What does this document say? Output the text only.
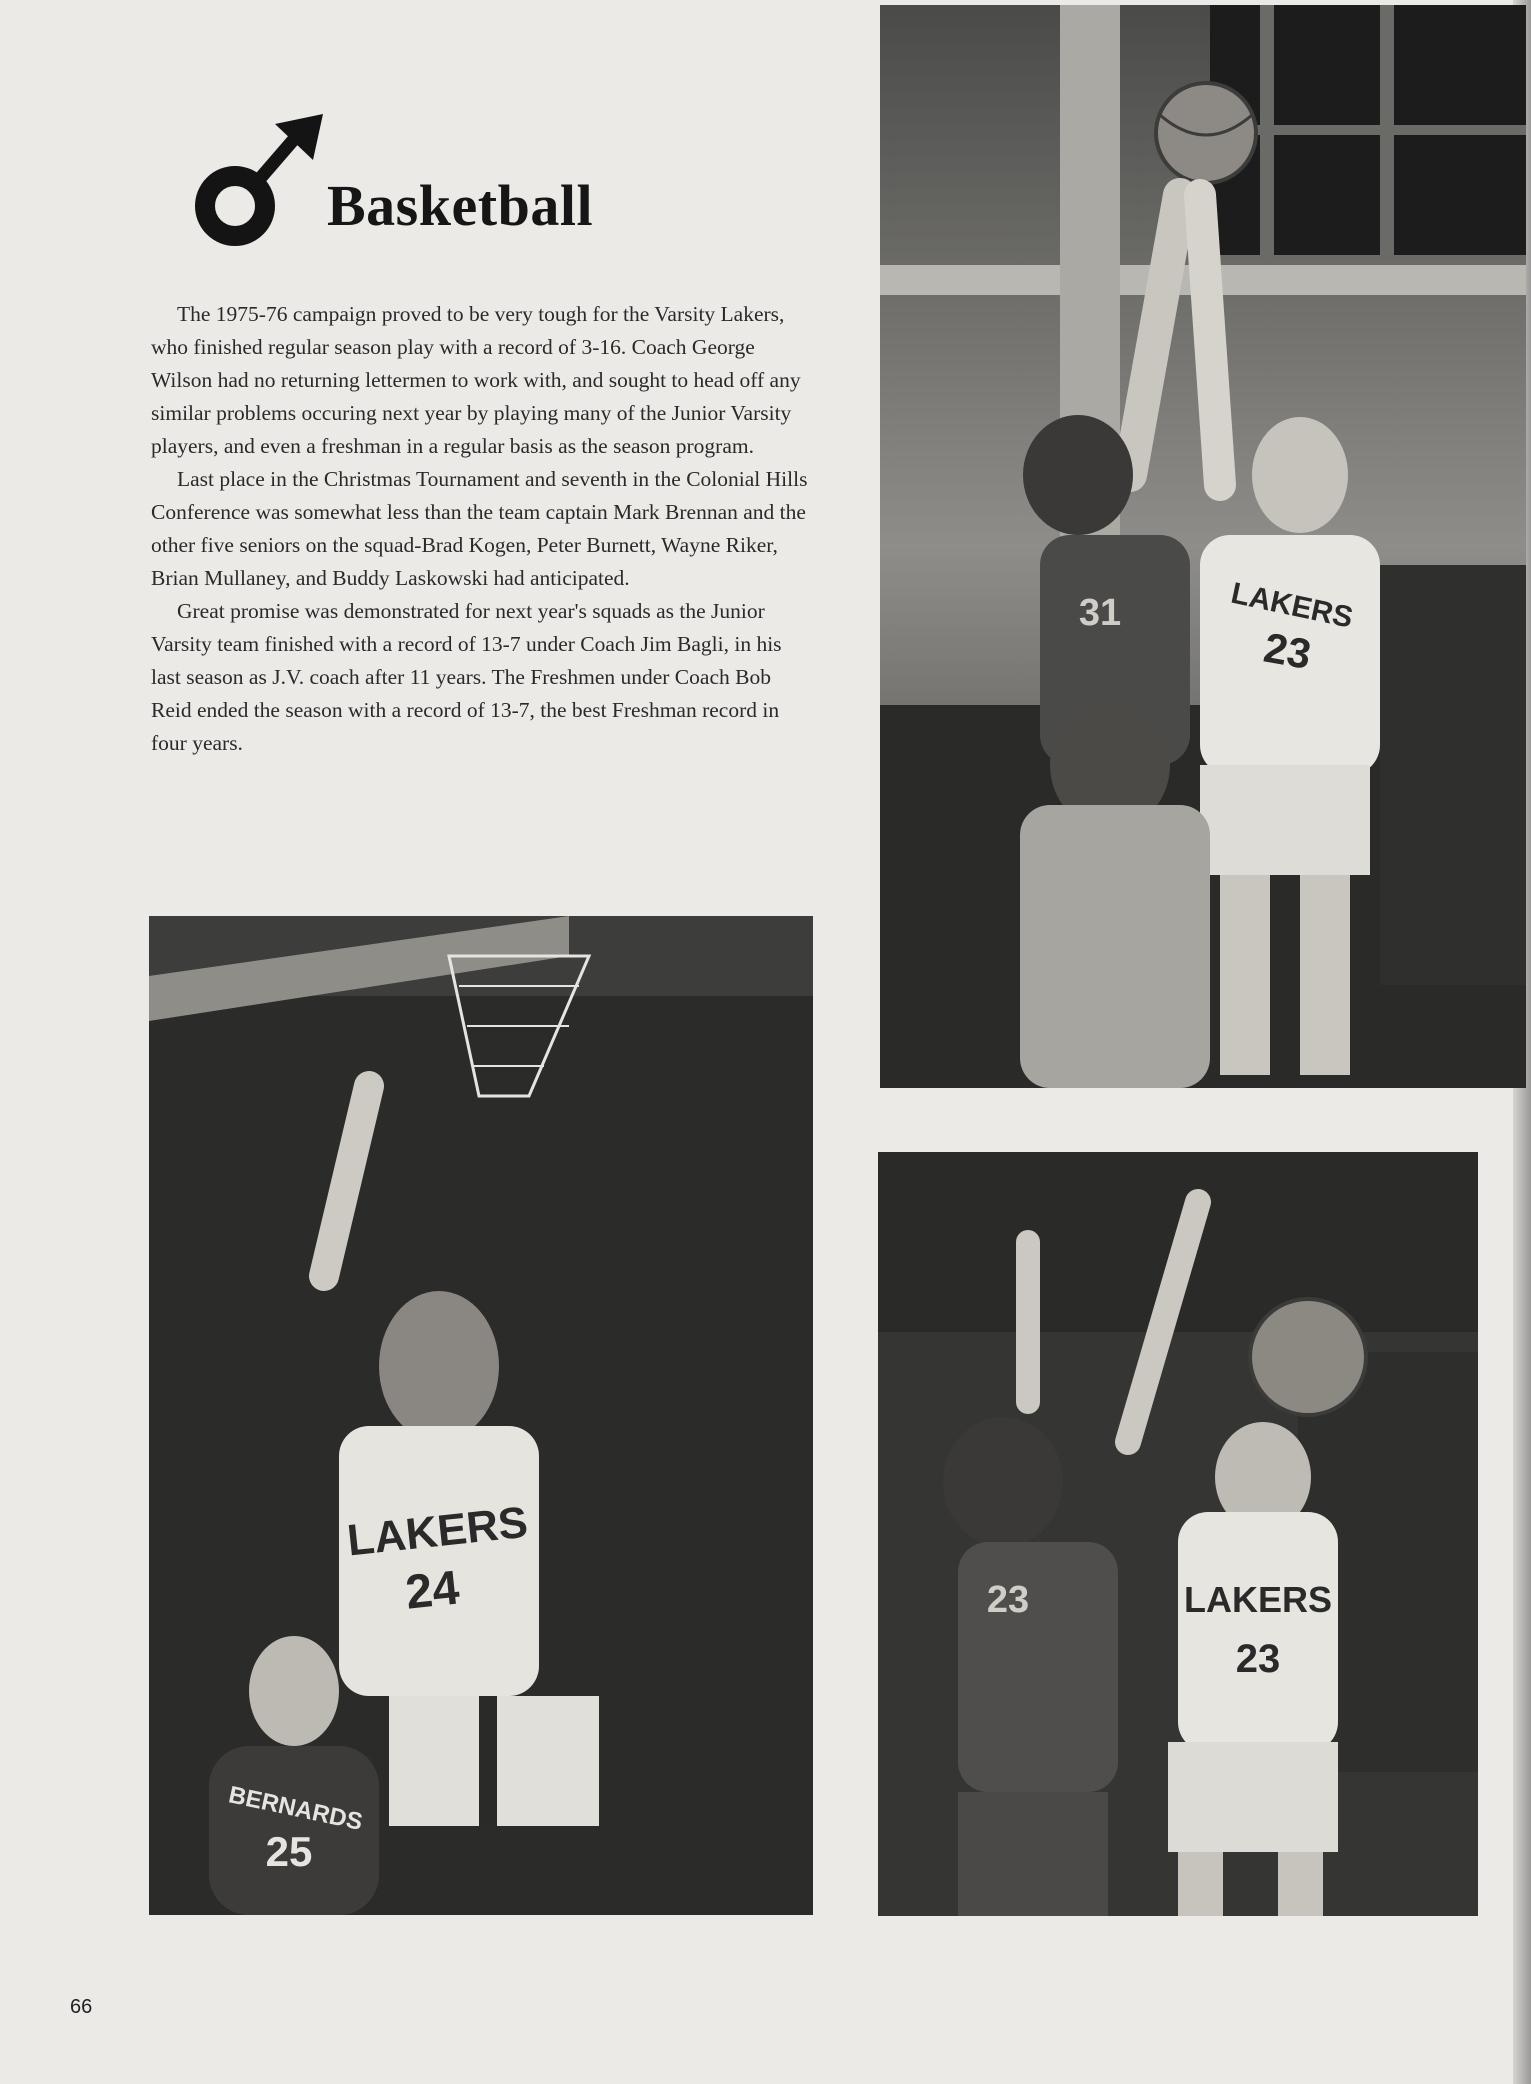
Basketball

The 1975-76 campaign proved to be very tough for the Varsity Lakers, who finished regular season play with a record of 3-16. Coach George Wilson had no returning lettermen to work with, and sought to head off any similar problems occuring next year by playing many of the Junior Varsity players, and even a freshman in a regular basis as the season program.

Last place in the Christmas Tournament and seventh in the Colonial Hills Conference was somewhat less than the team captain Mark Brennan and the other five seniors on the squad-Brad Kogen, Peter Burnett, Wayne Riker, Brian Mullaney, and Buddy Laskowski had anticipated.

Great promise was demonstrated for next year's squads as the Junior Varsity team finished with a record of 13-7 under Coach Jim Bagli, in his last season as J.V. coach after 11 years. The Freshmen under Coach Bob Reid ended the season with a record of 13-7, the best Freshman record in four years.

LAKERS
23
31
LAKERS
24
BERNARDS
25
LAKERS
23
23
66
